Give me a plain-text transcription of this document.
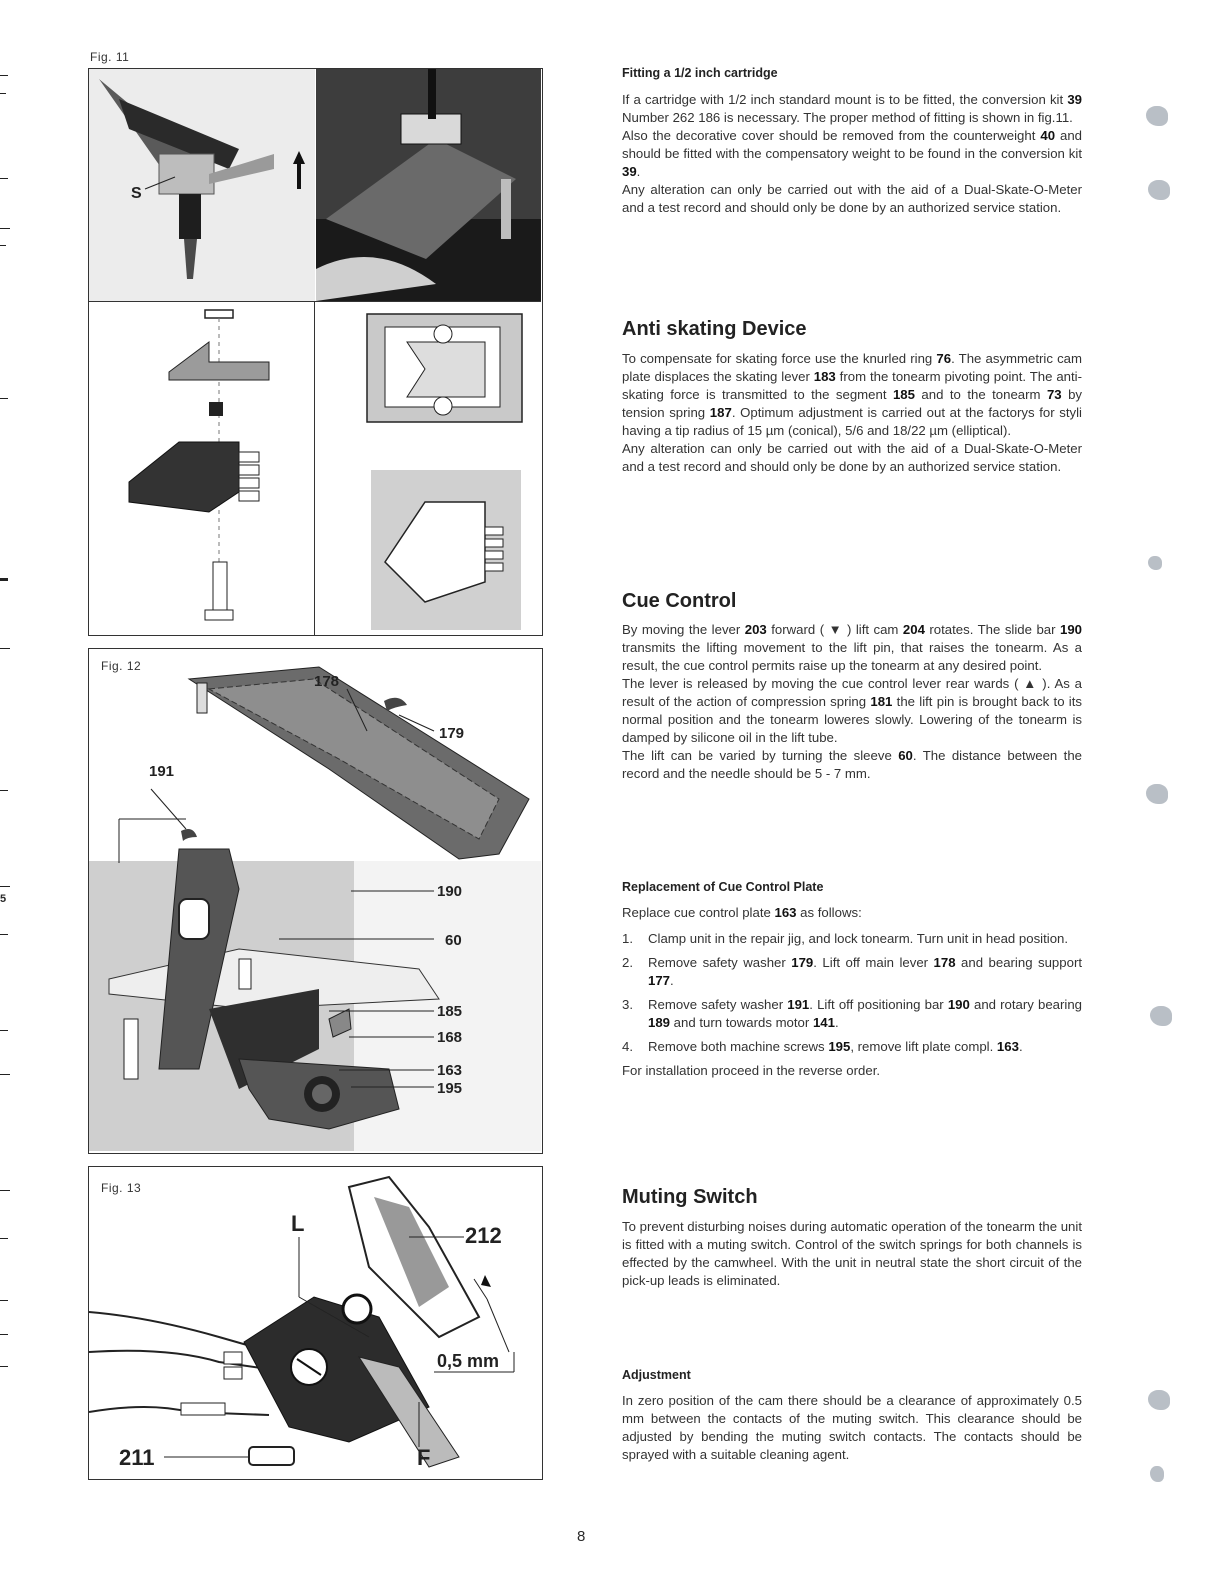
5
Fig. 11
S
Fig. 12
178
179
191
190
60
185
168
163
195
Fig. 13
L	212
0,5 mm
211	F
Fitting a 1/2 inch cartridge

If a cartridge with 1/2 inch standard mount is to be fitted, the conversion kit 39 Number 262 186 is necessary. The proper method of fitting is shown in fig.11.
Also the decorative cover should be removed from the counterweight 40 and should be fitted with the compensatory weight to be found in the conversion kit 39.
Any alteration can only be carried out with the aid of a Dual-Skate-O-Meter and a test record and should only be done by an authorized service station.

Anti skating Device

To compensate for skating force use the knurled ring 76. The asymmetric cam plate displaces the skating lever 183 from the tonearm pivoting point. The anti-skating force is transmitted to the segment 185 and to the tonearm 73 by tension spring 187. Optimum adjustment is carried out at the factorys for styli having a tip radius of 15 µm (conical), 5/6 and 18/22 µm (elliptical).
Any alteration can only be carried out with the aid of a Dual-Skate-O-Meter and a test record and should only be done by an authorized service station.

Cue Control

By moving the lever 203 forward ( ▼ ) lift cam 204 rotates. The slide bar 190 transmits the lifting movement to the lift pin, that raises the tonearm. As a result, the cue control permits raise up the tonearm at any desired point.
The lever is released by moving the cue control lever rear wards ( ▲ ). As a result of the action of compression spring 181 the lift pin is brought back to its normal position and the tonearm loweres slowly. Lowering of the tonearm is damped by silicone oil in the lift tube.
The lift can be varied by turning the sleeve 60. The distance between the record and the needle should be 5 - 7 mm.

Replacement of Cue Control Plate

Replace cue control plate 163 as follows:

1. Clamp unit in the repair jig, and lock tonearm. Turn unit in head position.
2. Remove safety washer 179. Lift off main lever 178 and bearing support 177.
3. Remove safety washer 191. Lift off positioning bar 190 and rotary bearing 189 and turn towards motor 141.
4. Remove both machine screws 195, remove lift plate compl. 163.

For installation proceed in the reverse order.

Muting Switch

To prevent disturbing noises during automatic operation of the tonearm the unit is fitted with a muting switch. Control of the switch springs for both channels is effected by the camwheel. With the unit in neutral state the short circuit of the pick-up leads is eliminated.

Adjustment

In zero position of the cam there should be a clearance of approximately 0.5 mm between the contacts of the muting switch. This clearance should be adjusted by bending the muting switch contacts. The contacts should be sprayed with a suitable cleaning agent.

8
